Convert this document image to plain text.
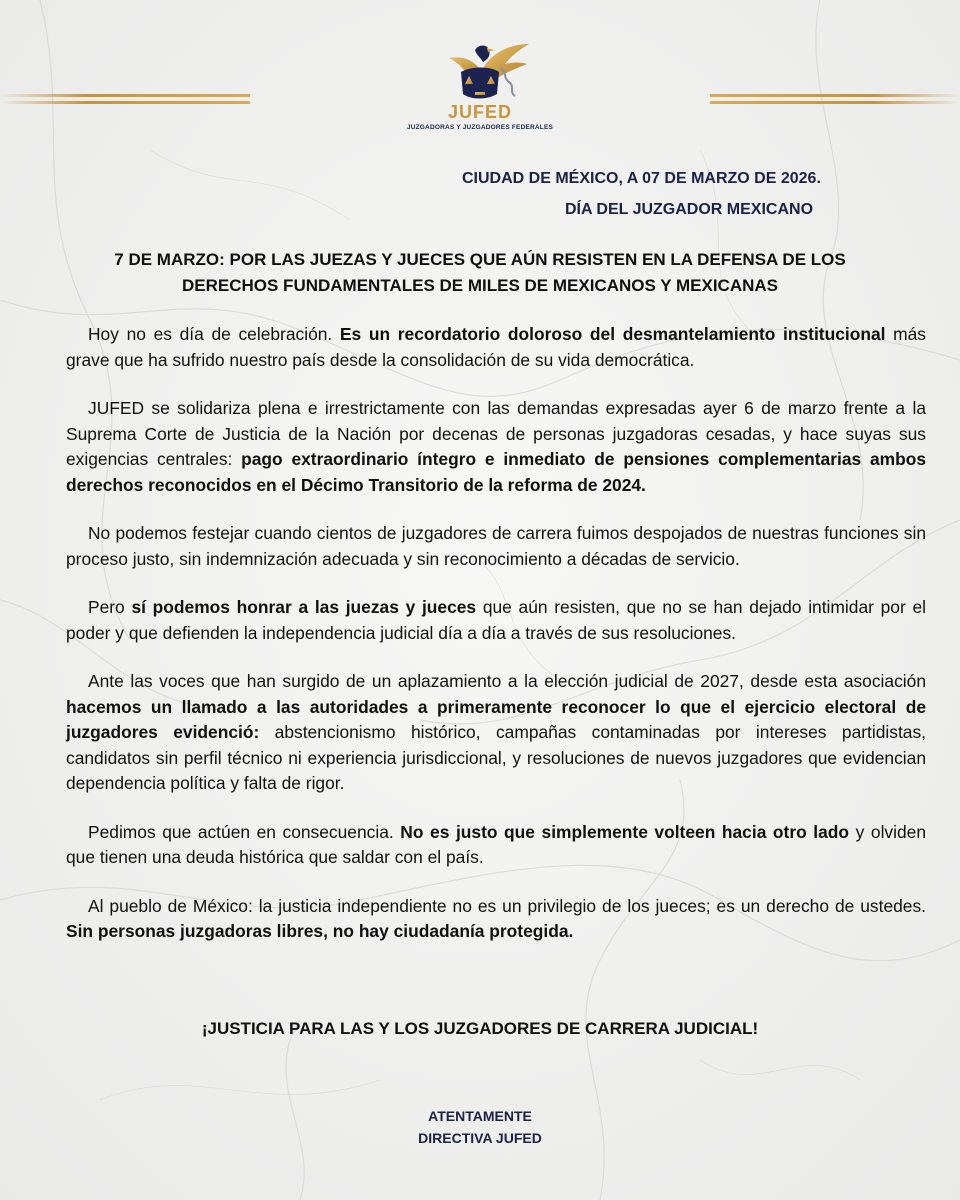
JUFED
JUZGADORAS Y JUZGADORES FEDERALES
CIUDAD DE MÉXICO, A 07 DE MARZO DE 2026.
DÍA DEL JUZGADOR MEXICANO
7 DE MARZO: POR LAS JUEZAS Y JUECES QUE AÚN RESISTEN EN LA DEFENSA DE LOS
DERECHOS FUNDAMENTALES DE MILES DE MEXICANOS Y MEXICANAS

Hoy no es día de celebración. Es un recordatorio doloroso del desmantelamiento institucional más grave que ha sufrido nuestro país desde la consolidación de su vida democrática.

JUFED se solidariza plena e irrestrictamente con las demandas expresadas ayer 6 de marzo frente a la Suprema Corte de Justicia de la Nación por decenas de personas juzgadoras cesadas, y hace suyas sus exigencias centrales: pago extraordinario íntegro e inmediato de pensiones complementarias ambos derechos reconocidos en el Décimo Transitorio de la reforma de 2024.

No podemos festejar cuando cientos de juzgadores de carrera fuimos despojados de nuestras funciones sin proceso justo, sin indemnización adecuada y sin reconocimiento a décadas de servicio.

Pero sí podemos honrar a las juezas y jueces que aún resisten, que no se han dejado intimidar por el poder y que defienden la independencia judicial día a día a través de sus resoluciones.

Ante las voces que han surgido de un aplazamiento a la elección judicial de 2027, desde esta asociación hacemos un llamado a las autoridades a primeramente reconocer lo que el ejercicio electoral de juzgadores evidenció: abstencionismo histórico, campañas contaminadas por intereses partidistas, candidatos sin perfil técnico ni experiencia jurisdiccional, y resoluciones de nuevos juzgadores que evidencian dependencia política y falta de rigor.

Pedimos que actúen en consecuencia. No es justo que simplemente volteen hacia otro lado y olviden que tienen una deuda histórica que saldar con el país.

Al pueblo de México: la justicia independiente no es un privilegio de los jueces; es un derecho de ustedes. Sin personas juzgadoras libres, no hay ciudadanía protegida.

¡JUSTICIA PARA LAS Y LOS JUZGADORES DE CARRERA JUDICIAL!
ATENTAMENTE
DIRECTIVA JUFED
